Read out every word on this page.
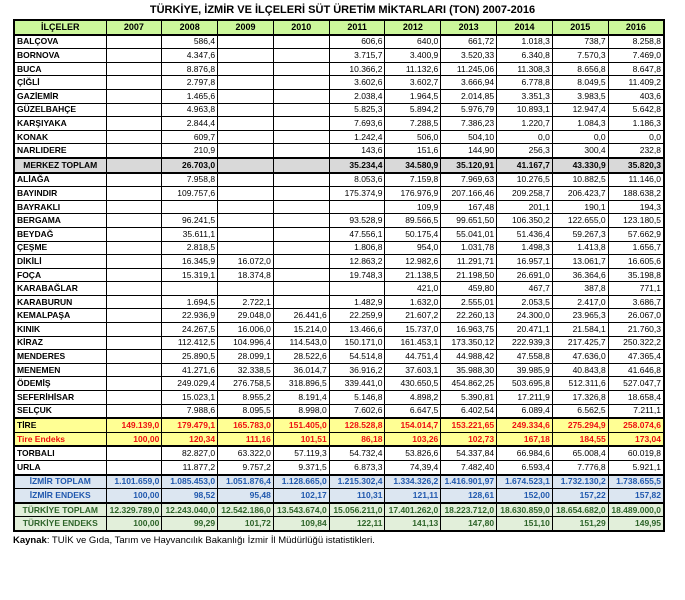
TÜRKİYE, İZMİR VE İLÇELERİ SÜT ÜRETİM MİKTARLARI (TON) 2007-2016
İLÇELER	2007	2008	2009	2010	2011	2012	2013	2014	2015	2016
BALÇOVA		586,4			606,6	640,0	661,72	1.018,3	738,7	8.258,8
BORNOVA		4.347,6			3.715,7	3.400,9	3.520,33	6.340,8	7.570,3	7.469,0
BUCA		8.876,8			10.366,2	11.132,6	11.245,06	11.308,3	8.656,8	8.647,8
ÇİĞLİ		2.797,8			3.602,6	3.602,7	3.666,94	6.778,8	8.049,5	11.409,2
GAZİEMİR		1.465,6			2.038,4	1.964,5	2.014,85	3.351,3	3.983,5	403,6
GÜZELBAHÇE		4.963,8			5.825,3	5.894,2	5.976,79	10.893,1	12.947,4	5.642,8
KARŞIYAKA		2.844,4			7.693,6	7.288,5	7.386,23	1.220,7	1.084,3	1.186,3
KONAK		609,7			1.242,4	506,0	504,10	0,0	0,0	0,0
NARLIDERE		210,9			143,6	151,6	144,90	256,3	300,4	232,8
MERKEZ TOPLAM		26.703,0			35.234,4	34.580,9	35.120,91	41.167,7	43.330,9	35.820,3
ALİAĞA		7.958,8			8.053,6	7.159,8	7.969,63	10.276,5	10.882,5	11.146,0
BAYINDIR		109.757,6			175.374,9	176.976,9	207.166,46	209.258,7	206.423,7	188.638,2
BAYRAKLI						109,9	167,48	201,1	190,1	194,3
BERGAMA		96.241,5			93.528,9	89.566,5	99.651,50	106.350,2	122.655,0	123.180,5
BEYDAĞ		35.611,1			47.556,1	50.175,4	55.041,01	51.436,4	59.267,3	57.662,9
ÇEŞME		2.818,5			1.806,8	954,0	1.031,78	1.498,3	1.413,8	1.656,7
DİKİLİ		16.345,9	16.072,0		12.863,2	12.982,6	11.291,71	16.957,1	13.061,7	16.605,6
FOÇA		15.319,1	18.374,8		19.748,3	21.138,5	21.198,50	26.691,0	36.364,6	35.198,8
KARABAĞLAR						421,0	459,80	467,7	387,8	771,1
KARABURUN		1.694,5	2.722,1		1.482,9	1.632,0	2.555,01	2.053,5	2.417,0	3.686,7
KEMALPAŞA		22.936,9	29.048,0	26.441,6	22.259,9	21.607,2	22.260,13	24.300,0	23.965,3	26.067,0
KINIK		24.267,5	16.006,0	15.214,0	13.466,6	15.737,0	16.963,75	20.471,1	21.584,1	21.760,3
KİRAZ		112.412,5	104.996,4	114.543,0	150.171,0	161.453,1	173.350,12	222.939,3	217.425,7	250.322,2
MENDERES		25.890,5	28.099,1	28.522,6	54.514,8	44.751,4	44.988,42	47.558,8	47.636,0	47.365,4
MENEMEN		41.271,6	32.338,5	36.014,7	36.916,2	37.603,1	35.988,30	39.985,9	40.843,8	41.646,8
ÖDEMİŞ		249.029,4	276.758,5	318.896,5	339.441,0	430.650,5	454.862,25	503.695,8	512.311,6	527.047,7
SEFERİHİSAR		15.023,1	8.955,2	8.191,4	5.146,8	4.898,2	5.390,81	17.211,9	17.326,8	18.658,4
SELÇUK		7.988,6	8.095,5	8.998,0	7.602,6	6.647,5	6.402,54	6.089,4	6.562,5	7.211,1
TİRE	149.139,0	179.479,1	165.783,0	151.405,0	128.528,8	154.014,7	153.221,65	249.334,6	275.294,9	258.074,6
Tire Endeks	100,00	120,34	111,16	101,51	86,18	103,26	102,73	167,18	184,55	173,04
TORBALI		82.827,0	63.322,0	57.119,3	54.732,4	53.826,6	54.337,84	66.984,6	65.008,4	60.019,8
URLA		11.877,2	9.757,2	9.371,5	6.873,3	74,39,4	7.482,40	6.593,4	7.776,8	5.921,1
İZMİR TOPLAM	1.101.659,0	1.085.453,0	1.051.876,4	1.128.665,0	1.215.302,4	1.334.326,2	1.416.901,97	1.674.523,1	1.732.130,2	1.738.655,5
İZMİR ENDEKS	100,00	98,52	95,48	102,17	110,31	121,11	128,61	152,00	157,22	157,82
TÜRKİYE TOPLAM	12.329.789,0	12.243.040,0	12.542.186,0	13.543.674,0	15.056.211,0	17.401.262,0	18.223.712,0	18.630.859,0	18.654.682,0	18.489.000,0
TÜRKİYE ENDEKS	100,00	99,29	101,72	109,84	122,11	141,13	147,80	151,10	151,29	149,95
Kaynak: TUİK ve Gıda, Tarım ve Hayvancılık Bakanlığı İzmir İl Müdürlüğü istatistikleri.
